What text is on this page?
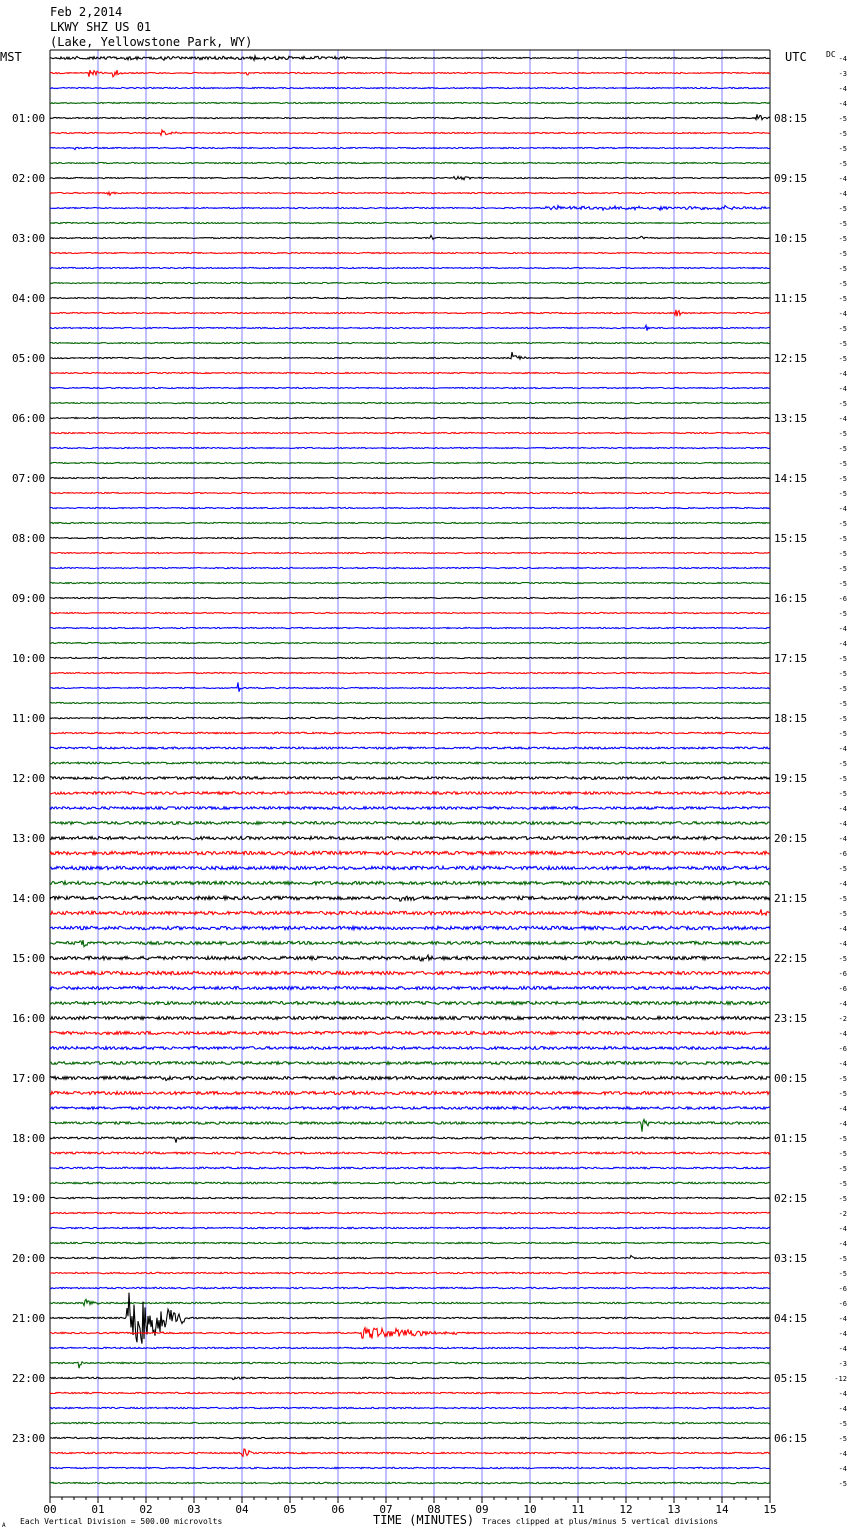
Feb 2,2014
LKWY SHZ US 01
(Lake, Yellowstone Park, WY)
MST	UTC DC
TIME (MINUTES)
Each Vertical Division = 500.00 microvolts	Traces clipped at plus/minus 5 vertical divisions
A
00	01	02	03	04	05	06	07	08	09	10	11	12	13	14	15
-4
-3
-4
-4
-5
-5
-5
-5
-4
-4
-5
-5
-5
-5
-5
-5
-5
-4
-5
-5
-5
-4
-4
-5
-4
-5
-5
-5
-5
-5
-4
-5
-5
-5
-5
-5
-6
-5
-4
-4
-5
-5
-5
-5
-5
-5
-4
-5
-5
-5
-4
-4
-4
-6
-5
-4
-5
-5
-4
-4
-5
-6
-6
-4
-2
-4
-6
-4
-5
-5
-4
-4
-5
-5
-5
-5
-5
-2
-4
-4
-5
-5
-6
-6
-4
-4
-4
-3
-12
-4
-4
-5
-5
-4
-4
-5
01:00	08:15
02:00	09:15
03:00	10:15
04:00	11:15
05:00	12:15
06:00	13:15
07:00	14:15
08:00	15:15
09:00	16:15
10:00	17:15
11:00	18:15
12:00	19:15
13:00	20:15
14:00	21:15
15:00	22:15
16:00	23:15
17:00	00:15
18:00	01:15
19:00	02:15
20:00	03:15
21:00	04:15
22:00	05:15
23:00	06:15
